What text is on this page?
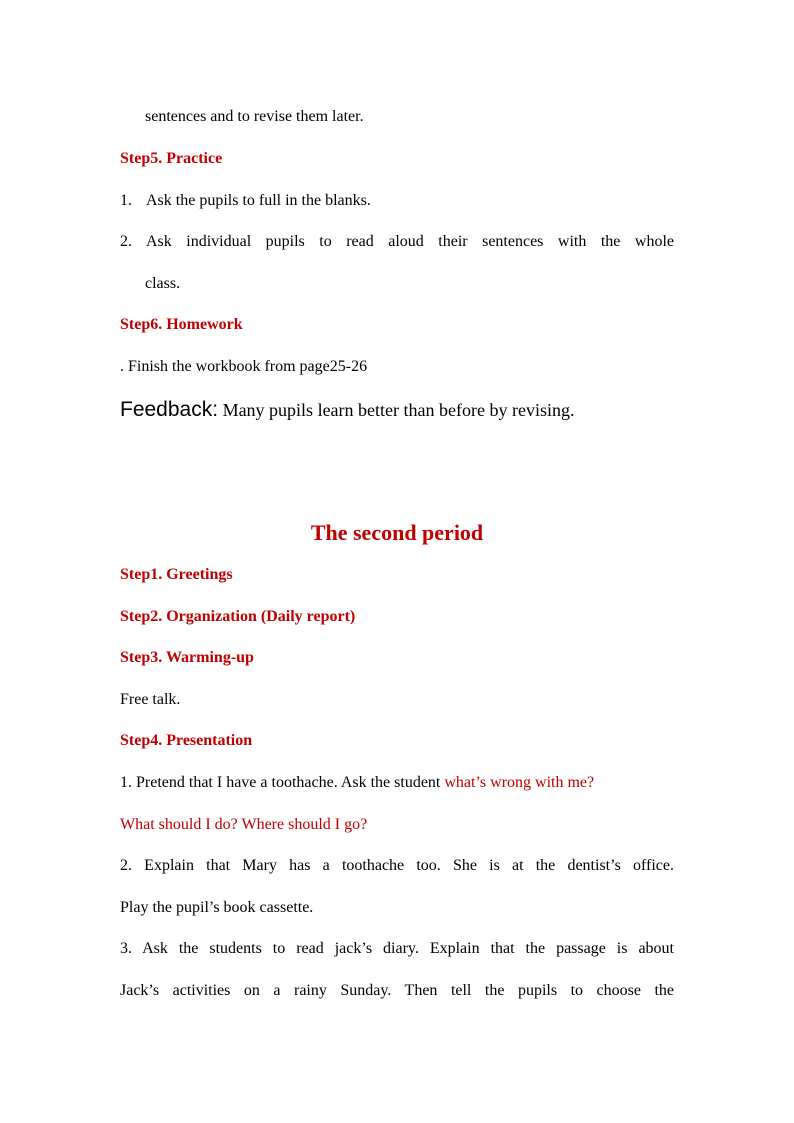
sentences and to revise them later.
Step5. Practice
1. Ask the pupils to full in the blanks.
2. Ask individual pupils to read aloud their sentences with the whole
class.
Step6. Homework
. Finish the workbook from page25-26
Feedback: Many pupils learn better than before by revising.
The second period
Step1. Greetings
Step2. Organization (Daily report)
Step3. Warming-up
Free talk.
Step4. Presentation
1. Pretend that I have a toothache. Ask the student what’s wrong with me?
What should I do? Where should I go?
2. Explain that Mary has a toothache too. She is at the dentist’s office.
Play the pupil’s book cassette.
3. Ask the students to read jack’s diary. Explain that the passage is about
Jack’s activities on a rainy Sunday. Then tell the pupils to choose the
